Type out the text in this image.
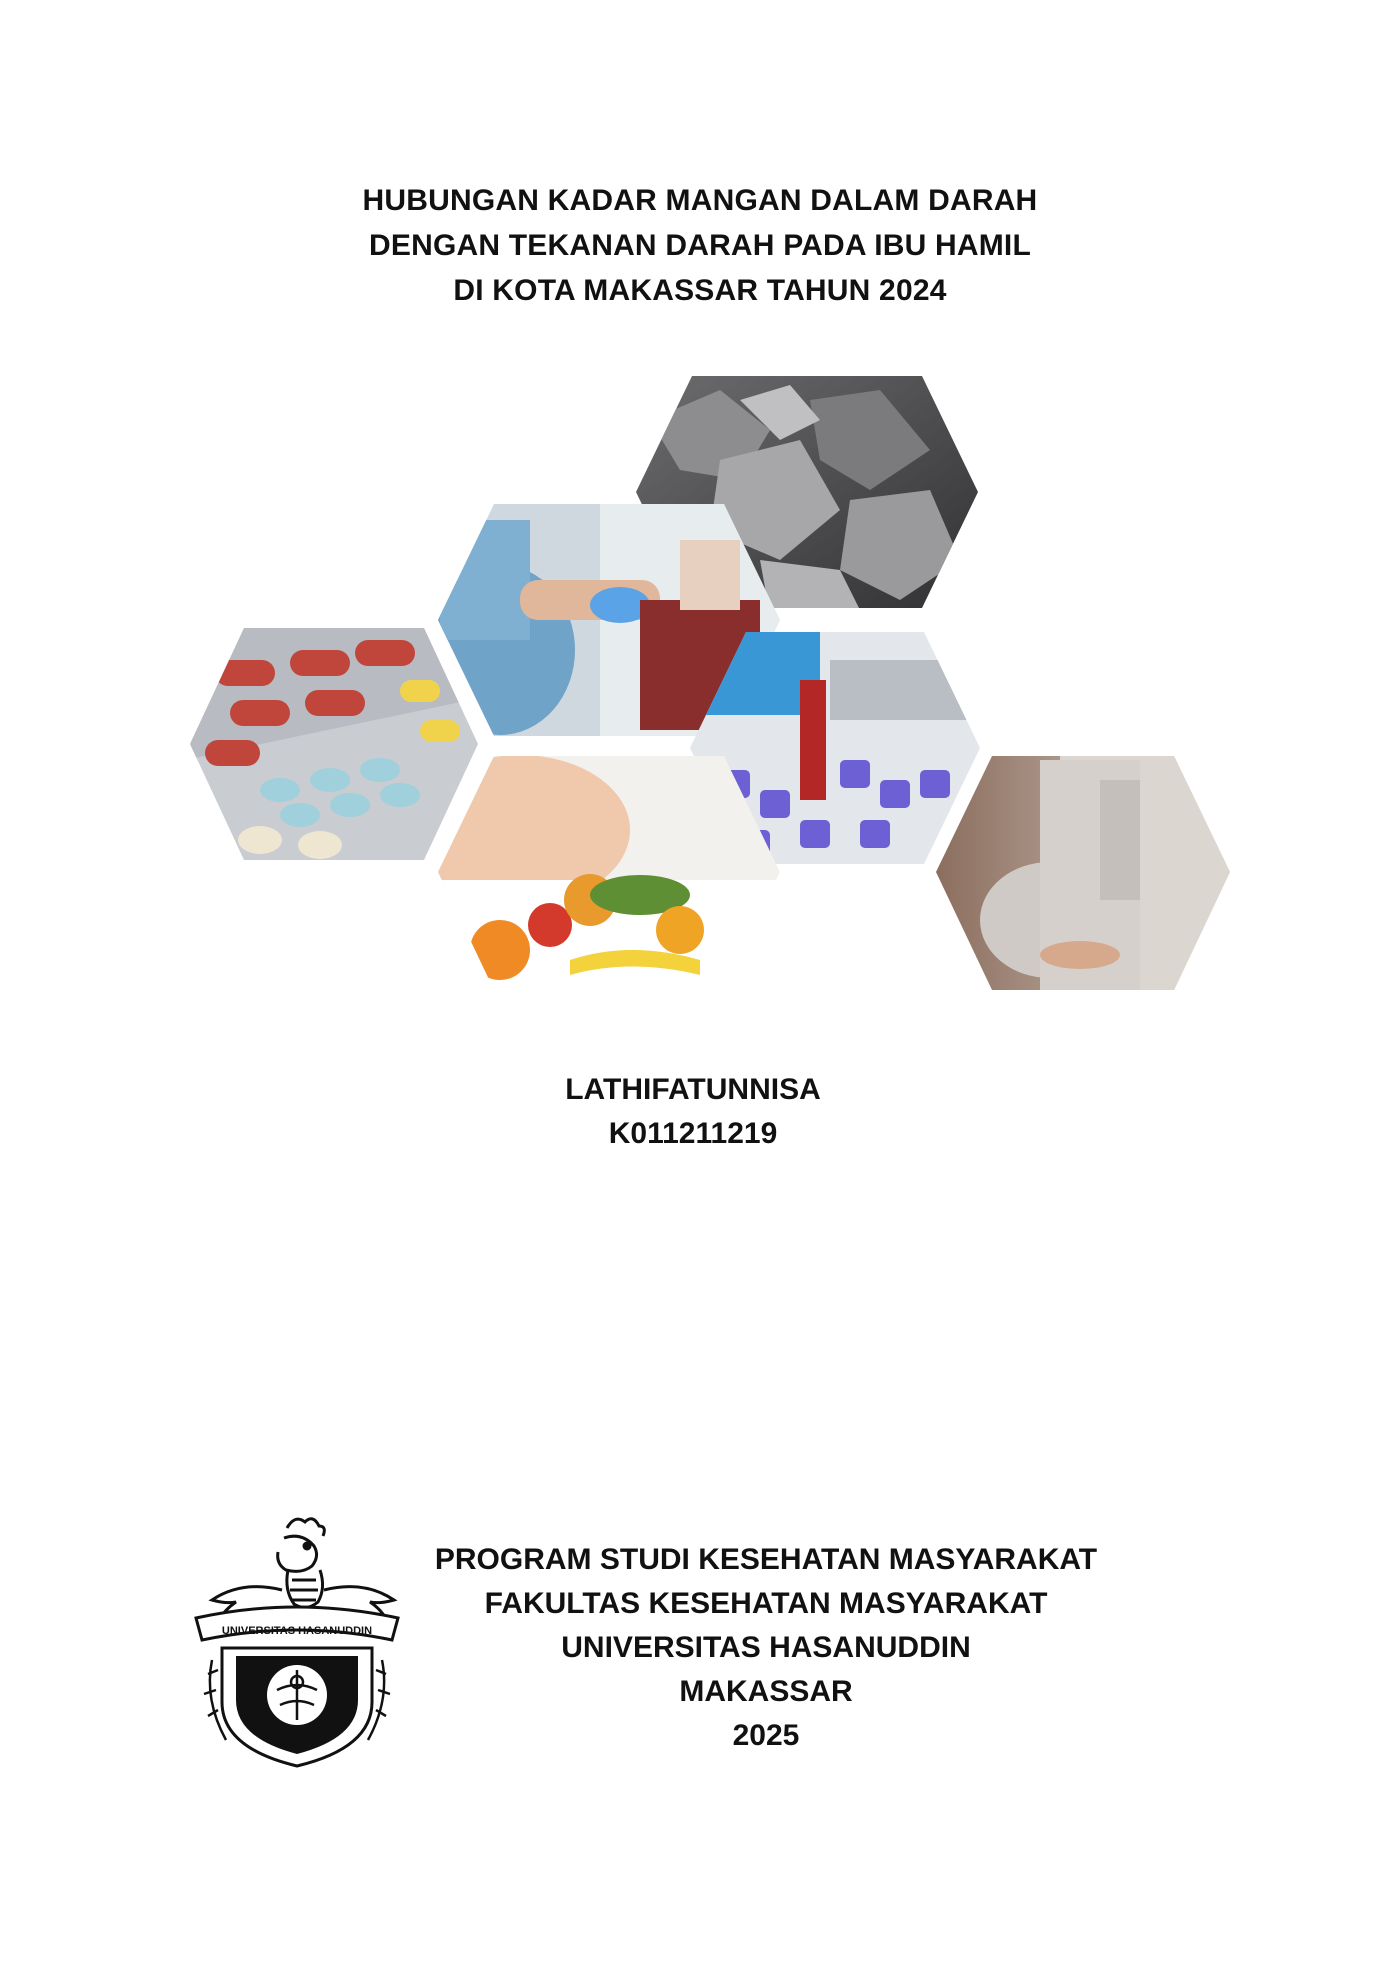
HUBUNGAN KADAR MANGAN DALAM DARAH
DENGAN TEKANAN DARAH PADA IBU HAMIL
DI KOTA MAKASSAR TAHUN 2024
LATHIFATUNNISA
K011211219
UNIVERSITAS HASANUDDIN
PROGRAM STUDI KESEHATAN MASYARAKAT
FAKULTAS KESEHATAN MASYARAKAT
UNIVERSITAS HASANUDDIN
MAKASSAR
2025
